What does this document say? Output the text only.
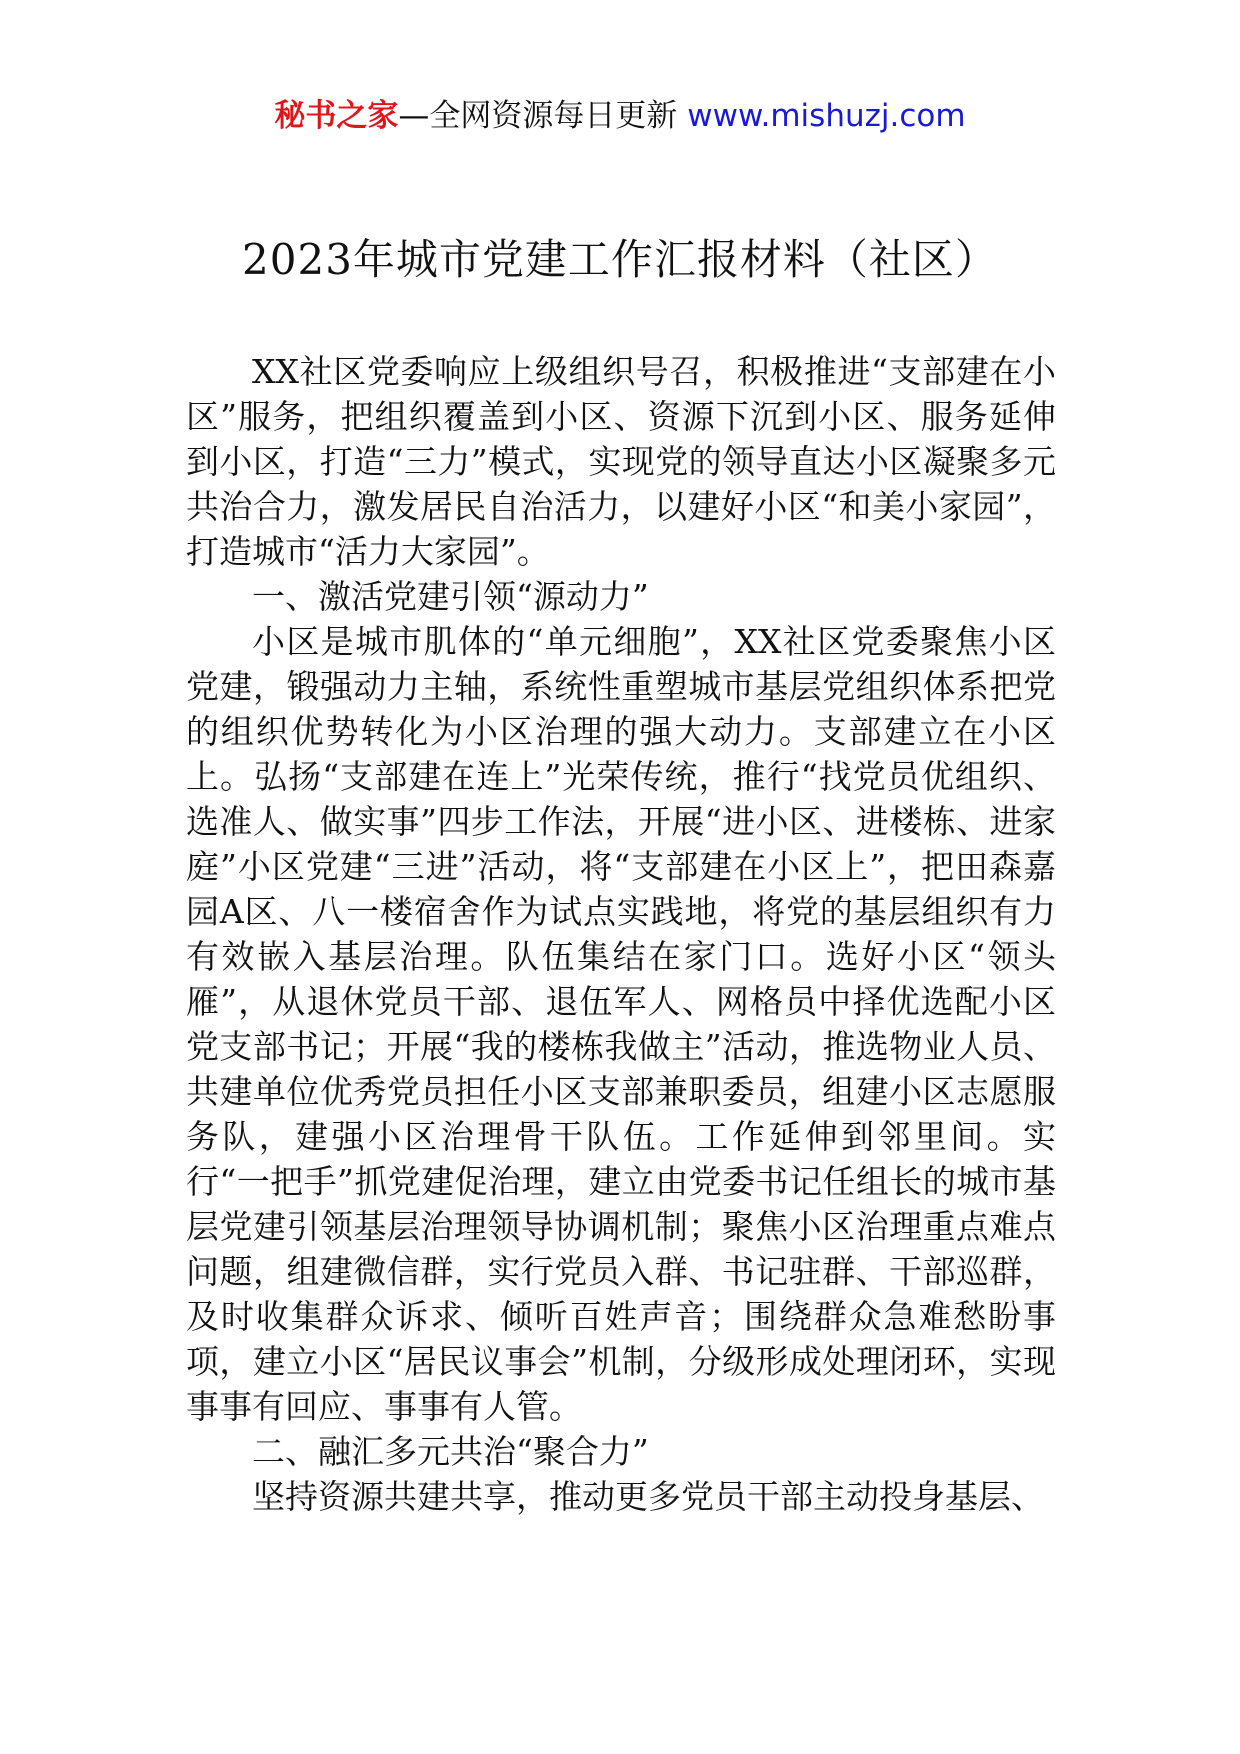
秘书之家—全网资源每日更新 www.mishuzj.com
2023年城市党建工作汇报材料（社区）

XX社区党委响应上级组织号召，积极推进“支部建在小区”服务，把组织覆盖到小区、资源下沉到小区、服务延伸到小区，打造“三力”模式，实现党的领导直达小区凝聚多元共治合力，激发居民自治活力，以建好小区“和美小家园”，打造城市“活力大家园”。

一、激活党建引领“源动力”

小区是城市肌体的“单元细胞”，XX社区党委聚焦小区党建，锻强动力主轴，系统性重塑城市基层党组织体系把党的组织优势转化为小区治理的强大动力。支部建立在小区上。弘扬“支部建在连上”光荣传统，推行“找党员优组织、选准人、做实事”四步工作法，开展“进小区、进楼栋、进家庭”小区党建“三进”活动，将“支部建在小区上”，把田森嘉园A区、八一楼宿舍作为试点实践地，将党的基层组织有力有效嵌入基层治理。队伍集结在家门口。选好小区“领头雁”，从退休党员干部、退伍军人、网格员中择优选配小区党支部书记；开展“我的楼栋我做主”活动，推选物业人员、共建单位优秀党员担任小区支部兼职委员，组建小区志愿服务队，建强小区治理骨干队伍。工作延伸到邻里间。实行“一把手”抓党建促治理，建立由党委书记任组长的城市基层党建引领基层治理领导协调机制；聚焦小区治理重点难点问题，组建微信群，实行党员入群、书记驻群、干部巡群，及时收集群众诉求、倾听百姓声音；围绕群众急难愁盼事项，建立小区“居民议事会”机制，分级形成处理闭环，实现事事有回应、事事有人管。

二、融汇多元共治“聚合力”

坚持资源共建共享，推动更多党员干部主动投身基层、
